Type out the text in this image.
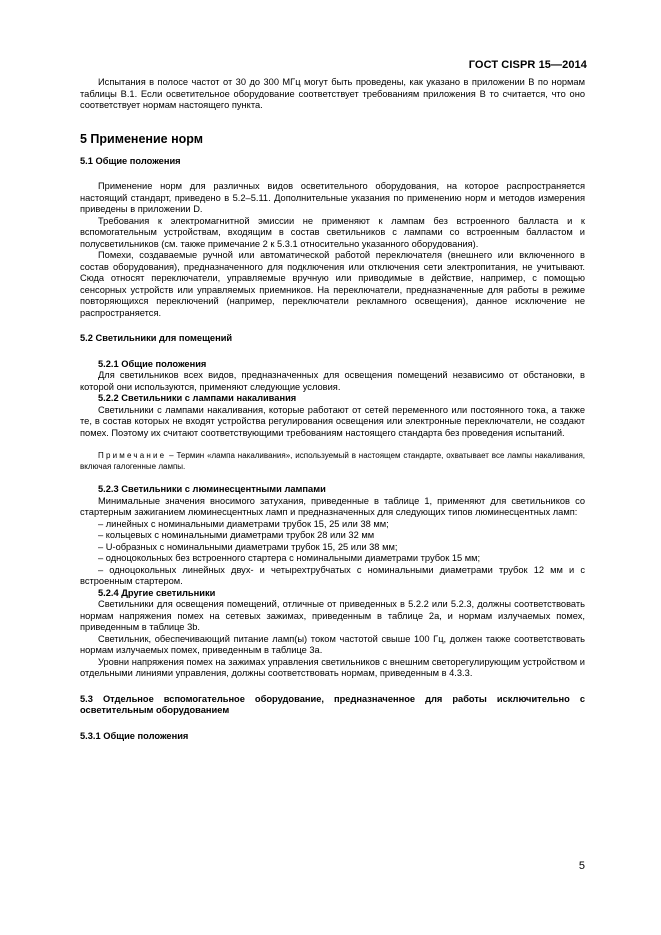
ГОСТ CISPR 15—2014

Испытания в полосе частот от 30 до 300 МГц могут быть проведены, как указано в приложении В по нормам таблицы В.1. Если осветительное оборудование соответствует требованиям приложения В то считается, что оно соответствует нормам настоящего пункта.

5 Применение норм

5.1 Общие положения

Применение норм для различных видов осветительного оборудования, на которое распространяется настоящий стандарт, приведено в 5.2–5.11. Дополнительные указания по применению норм и методов измерения приведены в приложении D.

Требования к электромагнитной эмиссии не применяют к лампам без встроенного балласта и к вспомогательным устройствам, входящим в состав светильников с лампами со встроенным балластом и полусветильников (см. также примечание 2 к 5.3.1 относительно указанного оборудования).

Помехи, создаваемые ручной или автоматической работой переключателя (внешнего или включенного в состав оборудования), предназначенного для подключения или отключения сети электропитания, не учитывают. Сюда относят переключатели, управляемые вручную или приводимые в действие, например, с помощью сенсорных устройств или управляемых приемников. На переключатели, предназначенные для работы в режиме повторяющихся переключений (например, переключатели рекламного освещения), данное исключение не распространяется.

5.2 Светильники для помещений

5.2.1 Общие положения

Для светильников всех видов, предназначенных для освещения помещений независимо от обстановки, в которой они используются, применяют следующие условия.

5.2.2 Светильники с лампами накаливания

Светильники с лампами накаливания, которые работают от сетей переменного или постоянного тока, а также те, в состав которых не входят устройства регулирования освещения или электронные переключатели, не создают помех. Поэтому их считают соответствующими требованиям настоящего стандарта без проведения испытаний.

Примечание – Термин «лампа накаливания», используемый в настоящем стандарте, охватывает все лампы накаливания, включая галогенные лампы.

5.2.3 Светильники с люминесцентными лампами

Минимальные значения вносимого затухания, приведенные в таблице 1, применяют для светильников со стартерным зажиганием люминесцентных ламп и предназначенных для следующих типов люминесцентных ламп:

– линейных с номинальными диаметрами трубок 15, 25 или 38 мм;

– кольцевых с номинальными диаметрами трубок 28 или 32 мм

– U-образных с номинальными диаметрами трубок 15, 25 или 38 мм;

– одноцокольных без встроенного стартера с номинальными диаметрами трубок 15 мм;

– одноцокольных линейных двух- и четырехтрубчатых с номинальными диаметрами трубок 12 мм и с встроенным стартером.

5.2.4 Другие светильники

Светильники для освещения помещений, отличные от приведенных в 5.2.2 или 5.2.3, должны соответствовать нормам напряжения помех на сетевых зажимах, приведенным в таблице 2а, и нормам излучаемых помех, приведенным в таблице 3b.

Светильник, обеспечивающий питание ламп(ы) током частотой свыше 100 Гц, должен также соответствовать нормам излучаемых помех, приведенным в таблице 3а.

Уровни напряжения помех на зажимах управления светильников с внешним светорегулирующим устройством и отдельными линиями управления, должны соответствовать нормам, приведенным в 4.3.3.

5.3 Отдельное вспомогательное оборудование, предназначенное для работы исключительно с осветительным оборудованием

5.3.1 Общие положения

5
